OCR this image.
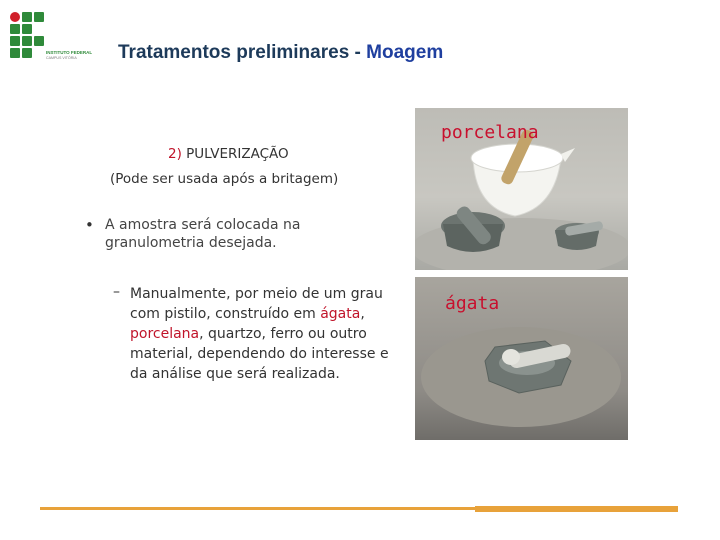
INSTITUTO FEDERAL
CAMPUS VITÓRIA Tratamentos preliminares - Moagem
2) PULVERIZAÇÃO
(Pode ser usada após a britagem)
• A amostra será colocada na granulometria desejada.
– Manualmente, por meio de um grau com pistilo, construído em ágata, porcelana, quartzo, ferro ou outro material, dependendo do interesse e da análise que será realizada.
porcelana
ágata
